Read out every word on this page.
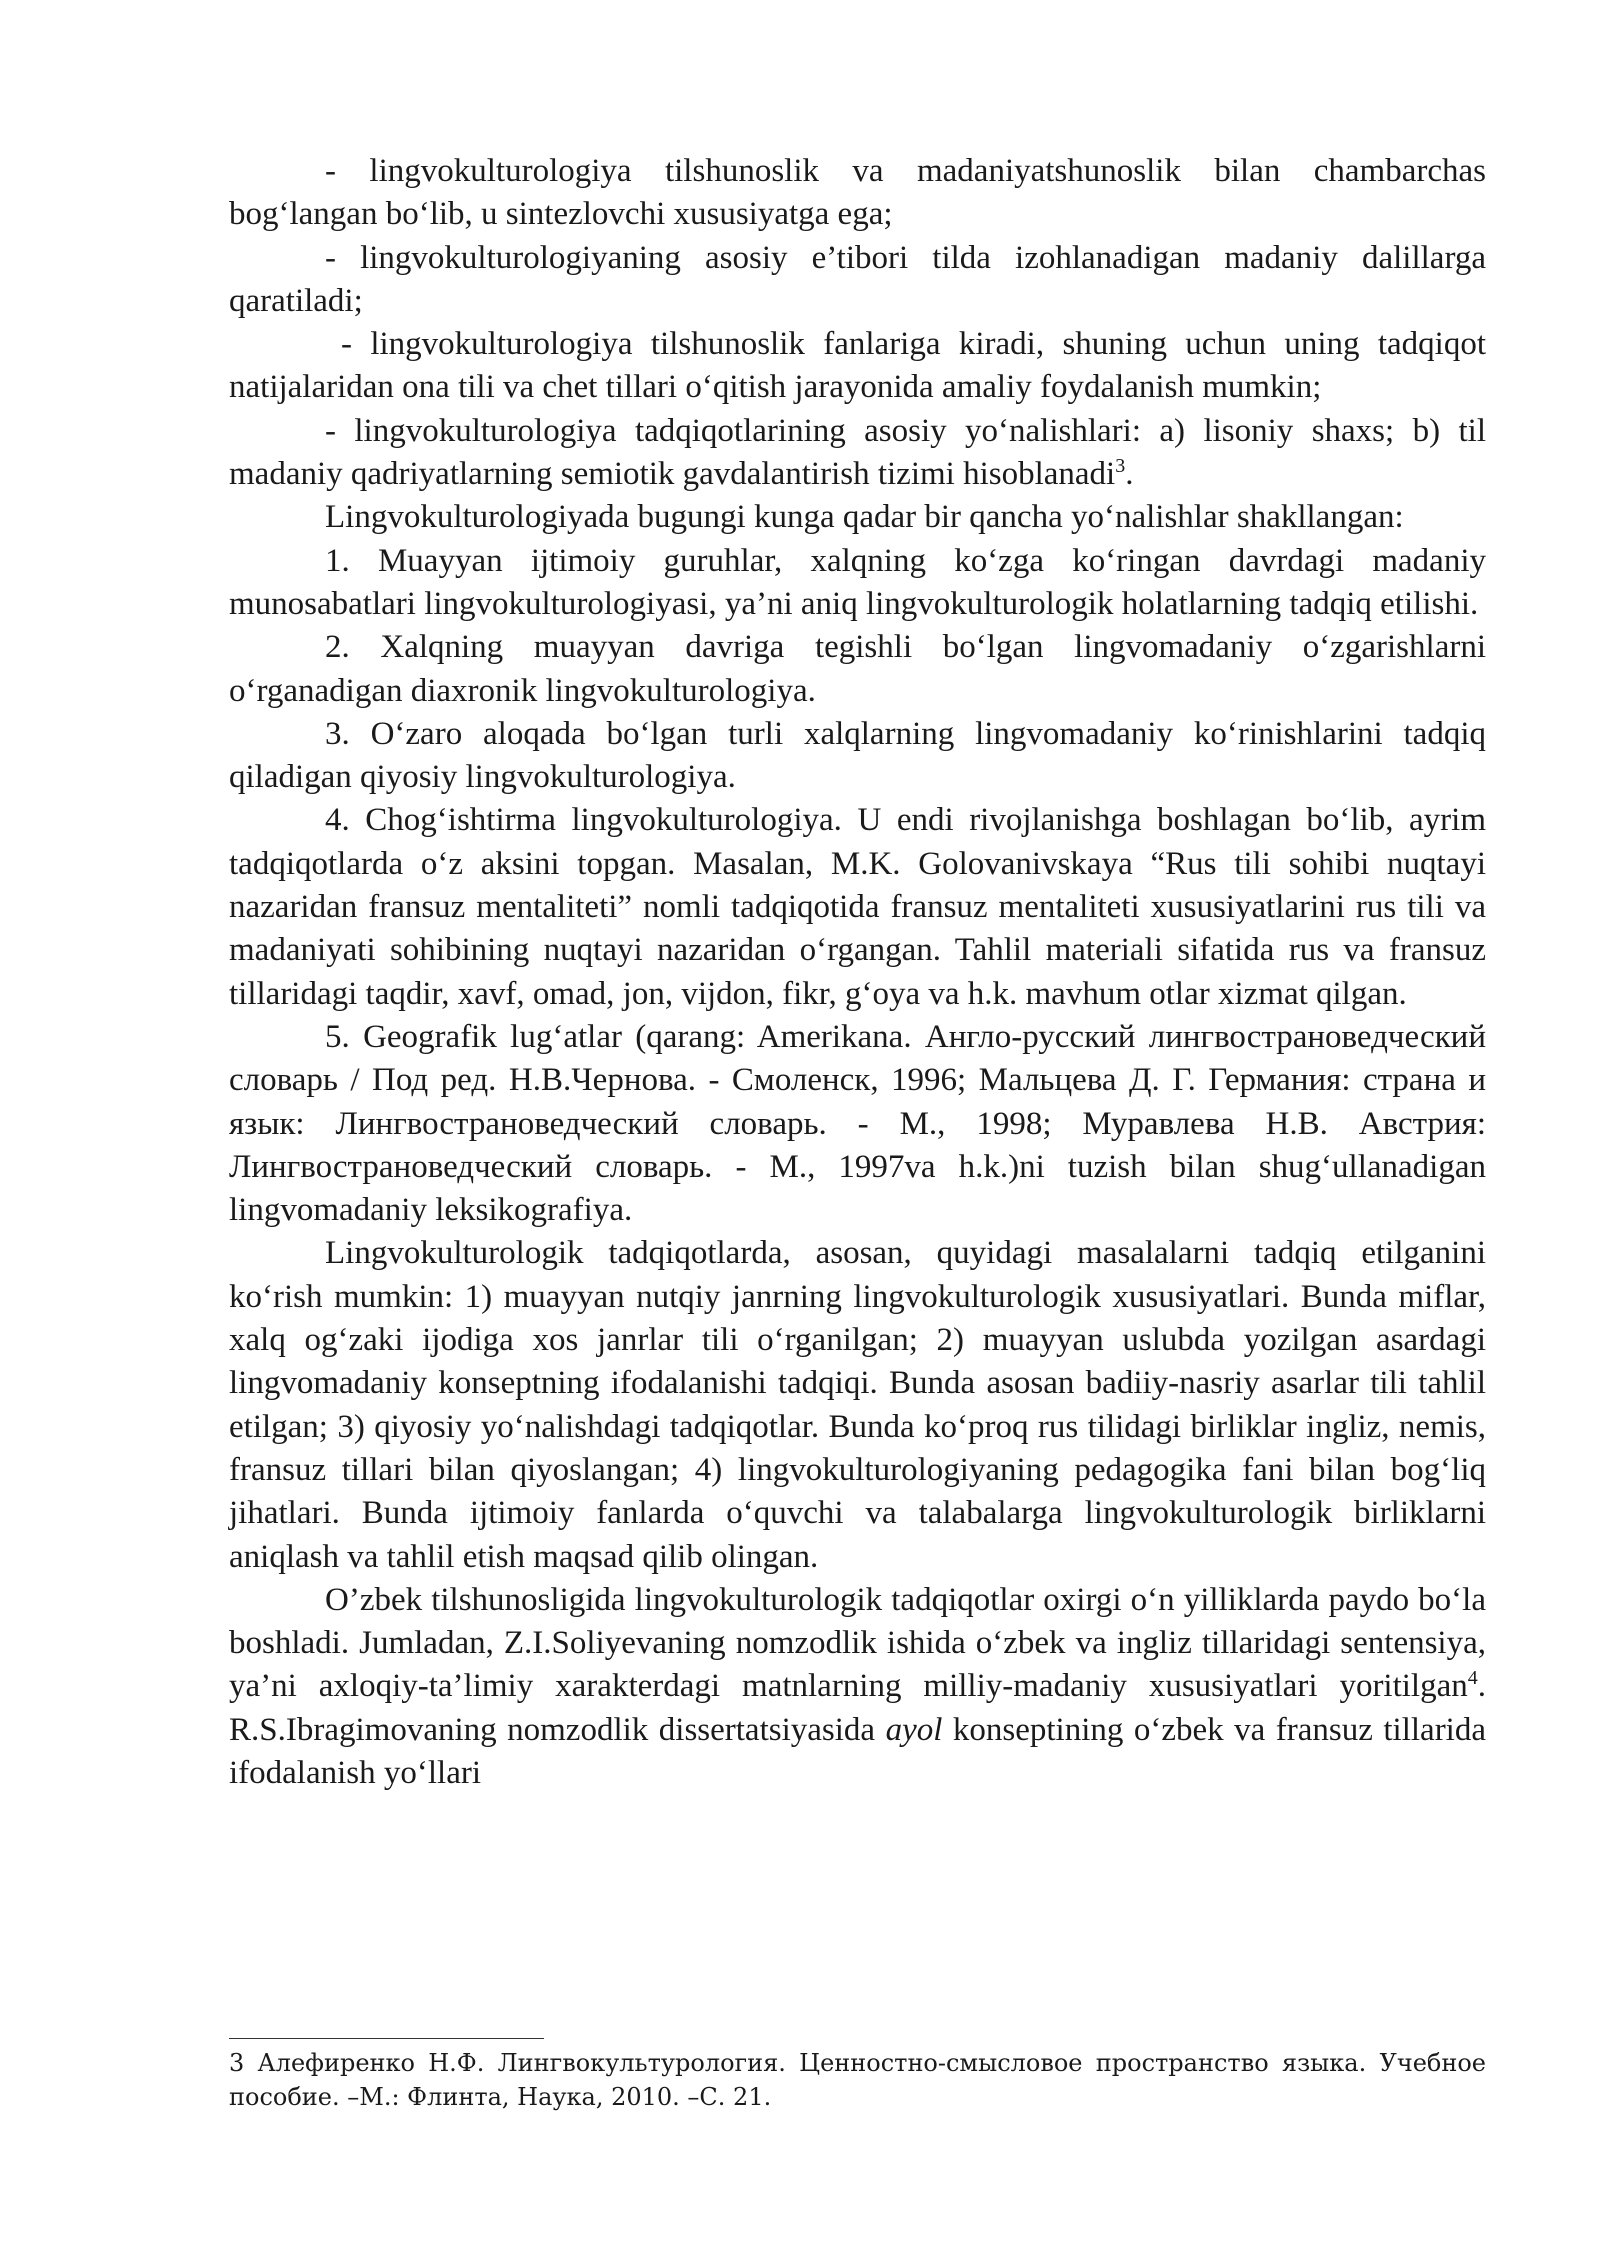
- lingvokulturologiya tilshunoslik va madaniyatshunoslik bilan chambarchas bog‘langan bo‘lib, u sintezlovchi xususiyatga ega;

- lingvokulturologiyaning asosiy e’tibori tilda izohlanadigan madaniy dalillarga qaratiladi;

- lingvokulturologiya tilshunoslik fanlariga kiradi, shuning uchun uning tadqiqot natijalaridan ona tili va chet tillari o‘qitish jarayonida amaliy foydalanish mumkin;

- lingvokulturologiya tadqiqotlarining asosiy yo‘nalishlari: a) lisoniy shaxs; b) til madaniy qadriyatlarning semiotik gavdalantirish tizimi hisoblanadi$^3$.

Lingvokulturologiyada bugungi kunga qadar bir qancha yo‘nalishlar shakllangan:

1. Muayyan ijtimoiy guruhlar, xalqning ko‘zga ko‘ringan davrdagi madaniy munosabatlari lingvokulturologiyasi, ya’ni aniq lingvokulturologik holatlarning tadqiq etilishi.

2. Xalqning muayyan davriga tegishli bo‘lgan lingvomadaniy o‘zgarishlarni o‘rganadigan diaxronik lingvokulturologiya.

3. O‘zaro aloqada bo‘lgan turli xalqlarning lingvomadaniy ko‘rinishlarini tadqiq qiladigan qiyosiy lingvokulturologiya.

4. Chog‘ishtirma lingvokulturologiya. U endi rivojlanishga boshlagan bo‘lib, ayrim tadqiqotlarda o‘z aksini topgan. Masalan, M.K. Golovanivskaya “Rus tili sohibi nuqtayi nazaridan fransuz mentaliteti” nomli tadqiqotida fransuz mentaliteti xususiyatlarini rus tili va madaniyati sohibining nuqtayi nazaridan o‘rgangan. Tahlil materiali sifatida rus va fransuz tillaridagi taqdir, xavf, omad, jon, vijdon, fikr, g‘oya va h.k. mavhum otlar xizmat qilgan.

5. Geografik lug‘atlar (qarang: Amerikana. Англо-русский лингвострановедческий словарь / Под ред. Н.В.Чернова. - Смоленск, 1996; Мальцева Д. Г. Германия: страна и язык: Лингвострановедческий словарь. - М., 1998; Муравлева Н.В. Австрия: Лингвострановедческий словарь. - М., 1997va h.k.)ni tuzish bilan shug‘ullanadigan lingvomadaniy leksikografiya.

Lingvokulturologik tadqiqotlarda, asosan, quyidagi masalalarni tadqiq etilganini ko‘rish mumkin: 1) muayyan nutqiy janrning lingvokulturologik xususiyatlari. Bunda miflar, xalq og‘zaki ijodiga xos janrlar tili o‘rganilgan; 2) muayyan uslubda yozilgan asardagi lingvomadaniy konseptning ifodalanishi tadqiqi. Bunda asosan badiiy-nasriy asarlar tili tahlil etilgan; 3) qiyosiy yo‘nalishdagi tadqiqotlar. Bunda ko‘proq rus tilidagi birliklar ingliz, nemis, fransuz tillari bilan qiyoslangan; 4) lingvokulturologiyaning pedagogika fani bilan bog‘liq jihatlari. Bunda ijtimoiy fanlarda o‘quvchi va talabalarga lingvokulturologik birliklarni aniqlash va tahlil etish maqsad qilib olingan.

O’zbek tilshunosligida lingvokulturologik tadqiqotlar oxirgi o‘n yilliklarda paydo bo‘la boshladi. Jumladan, Z.I.Soliyevaning nomzodlik ishida o‘zbek va ingliz tillaridagi sentensiya, ya’ni axloqiy-ta’limiy xarakterdagi matnlarning milliy-madaniy xususiyatlari yoritilgan$^4$. R.S.Ibragimovaning nomzodlik dissertatsiyasida ayol konseptining o‘zbek va fransuz tillarida ifodalanish yo‘llari

3 Алефиренко Н.Ф. Лингвокультурология. Ценностно-смысловое пространство языка. Учебное пособие. –М.: Флинта, Наука, 2010. –С. 21.
